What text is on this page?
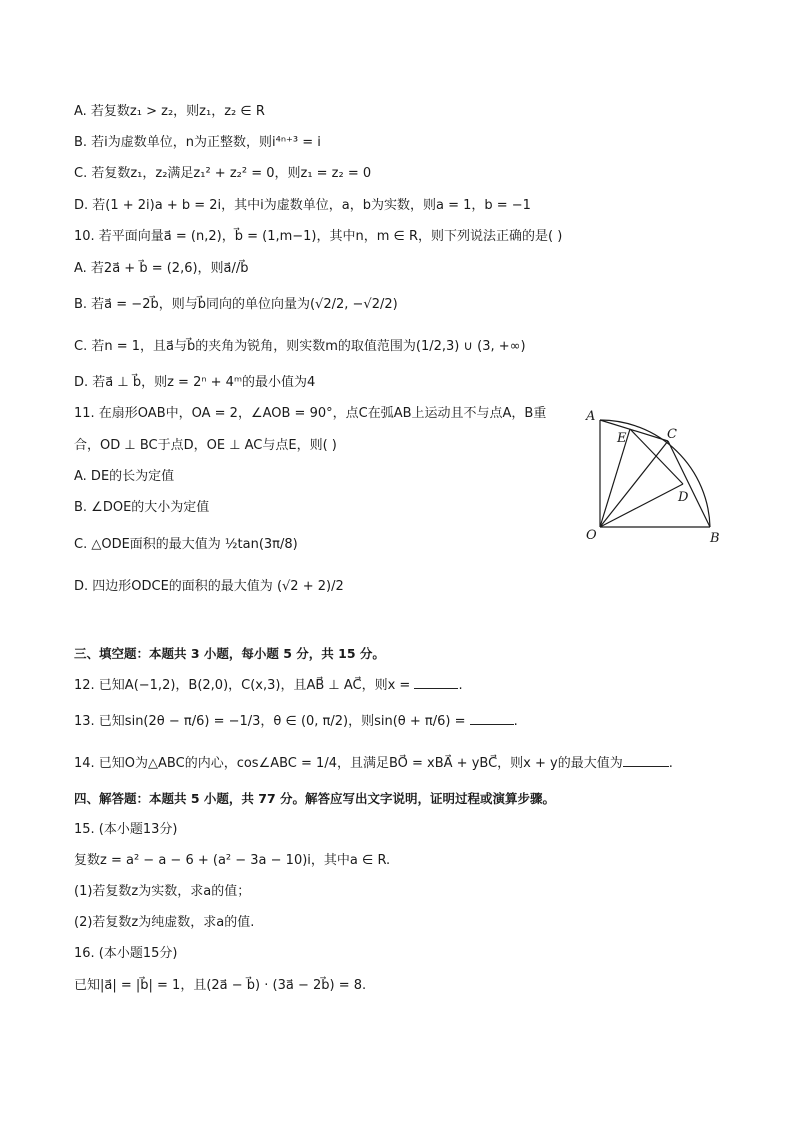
A. 若复数z₁ > z₂，则z₁，z₂ ∈ R
B. 若i为虚数单位，n为正整数，则i⁴ⁿ⁺³ = i
C. 若复数z₁，z₂满足z₁² + z₂² = 0，则z₁ = z₂ = 0
D. 若(1 + 2i)a + b = 2i，其中i为虚数单位，a，b为实数，则a = 1，b = −1
10. 若平面向量a⃗ = (n,2)，b⃗ = (1,m−1)，其中n，m ∈ R，则下列说法正确的是( )
A. 若2a⃗ + b⃗ = (2,6)，则a⃗//b⃗
B. 若a⃗ = −2b⃗，则与b⃗同向的单位向量为(√2/2, −√2/2)
C. 若n = 1，且a⃗与b⃗的夹角为锐角，则实数m的取值范围为(1/2,3) ∪ (3, +∞)
D. 若a⃗ ⊥ b⃗，则z = 2ⁿ + 4ᵐ的最小值为4
11. 在扇形OAB中，OA = 2，∠AOB = 90°，点C在弧AB上运动且不与点A，B重
合，OD ⊥ BC于点D，OE ⊥ AC与点E，则( )
A. DE的长为定值
B. ∠DOE的大小为定值
C. △ODE面积的最大值为 ½tan(3π/8)
D. 四边形ODCE的面积的最大值为 (√2 + 2)/2
A
E	C
D
O	B
三、填空题：本题共 3 小题，每小题 5 分，共 15 分。
12. 已知A(−1,2)，B(2,0)，C(x,3)，且AB⃗ ⊥ AC⃗，则x =	.
13. 已知sin(2θ − π/6) = −1/3，θ ∈ (0, π/2)，则sin(θ + π/6) =	.
14. 已知O为△ABC的内心，cos∠ABC = 1/4，且满足BO⃗ = xBA⃗ + yBC⃗，则x + y的最大值为	.
四、解答题：本题共 5 小题，共 77 分。解答应写出文字说明，证明过程或演算步骤。
15. (本小题13分)
复数z = a² − a − 6 + (a² − 3a − 10)i，其中a ∈ R.
(1)若复数z为实数，求a的值；
(2)若复数z为纯虚数，求a的值.
16. (本小题15分)
已知|a⃗| = |b⃗| = 1，且(2a⃗ − b⃗) · (3a⃗ − 2b⃗) = 8.
